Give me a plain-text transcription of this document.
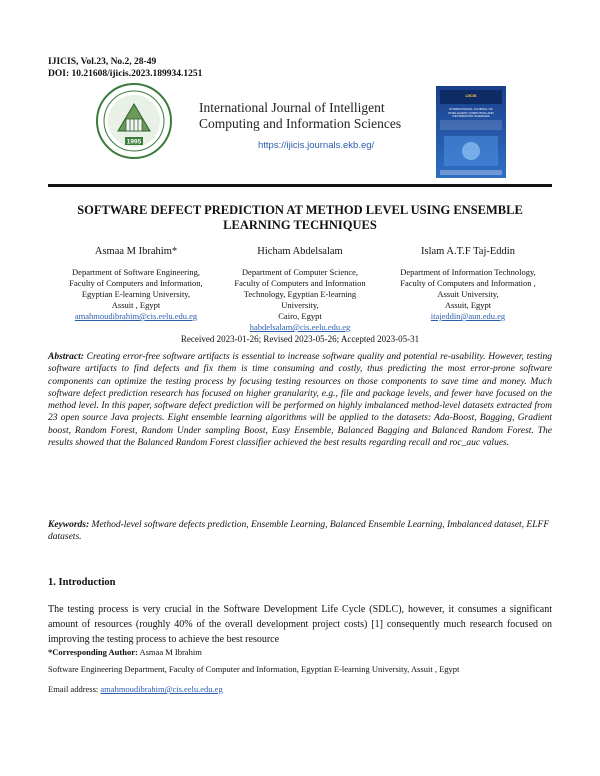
IJICIS, Vol.23, No.2, 28-49
DOI: 10.21608/ijicis.2023.189934.1251
1995
International Journal of Intelligent
Computing and Information Sciences
https://ijicis.journals.ekb.eg/
IJICIS
INTERNATIONAL JOURNAL OF INTELLIGENT COMPUTING AND INFORMATION SCIENCES
SOFTWARE DEFECT PREDICTION AT METHOD LEVEL USING ENSEMBLE
LEARNING TECHNIQUES
Asmaa M Ibrahim*	Hicham Abdelsalam	Islam A.T.F Taj-Eddin
Department of Software Engineering,
Faculty of Computers and Information,
Egyptian E-learning University,
Assuit , Egypt
amahmoudibrahim@cis.eelu.edu.eg
Department of Computer Science,
Faculty of Computers and Information
Technology, Egyptian E-learning
University,
Cairo, Egypt
habdelsalam@cis.eelu.edu.eg
Department of Information Technology,
Faculty of Computers and Information ,
Assuit University,
Assuit, Egypt
itajeddin@aun.edu.eg
Received 2023-01-26; Revised 2023-05-26; Accepted 2023-05-31
Abstract: Creating error-free software artifacts is essential to increase software quality and potential re-usability. However, testing software artifacts to find defects and fix them is time consuming and costly, thus predicting the most error-prone software components can optimize the testing process by focusing testing resources on those components to save time and money. Much software defect prediction research has focused on higher granularity, e.g., file and package levels, and fewer have focused on the method level. In this paper, software defect prediction will be performed on highly imbalanced method-level datasets extracted from 23 open source Java projects. Eight ensemble learning algorithms will be applied to the datasets: Ada-Boost, Bagging, Gradient boost, Random Forest, Random Under sampling Boost, Easy Ensemble, Balanced Bagging and Balanced Random Forest. The results showed that the Balanced Random Forest classifier achieved the best results regarding recall and roc_auc values.
Keywords: Method-level software defects prediction, Ensemble Learning, Balanced Ensemble Learning, Imbalanced dataset, ELFF datasets.
1. Introduction
The testing process is very crucial in the Software Development Life Cycle (SDLC), however, it consumes a significant amount of resources (roughly 40% of the overall development project costs) [1] consequently much research focused on improving the testing process to achieve the best resource
*Corresponding Author: Asmaa M Ibrahim
Software Engineering Department, Faculty of Computer and Information, Egyptian E-learning University, Assuit , Egypt
Email address: amahmoudibrahim@cis.eelu.edu.eg
